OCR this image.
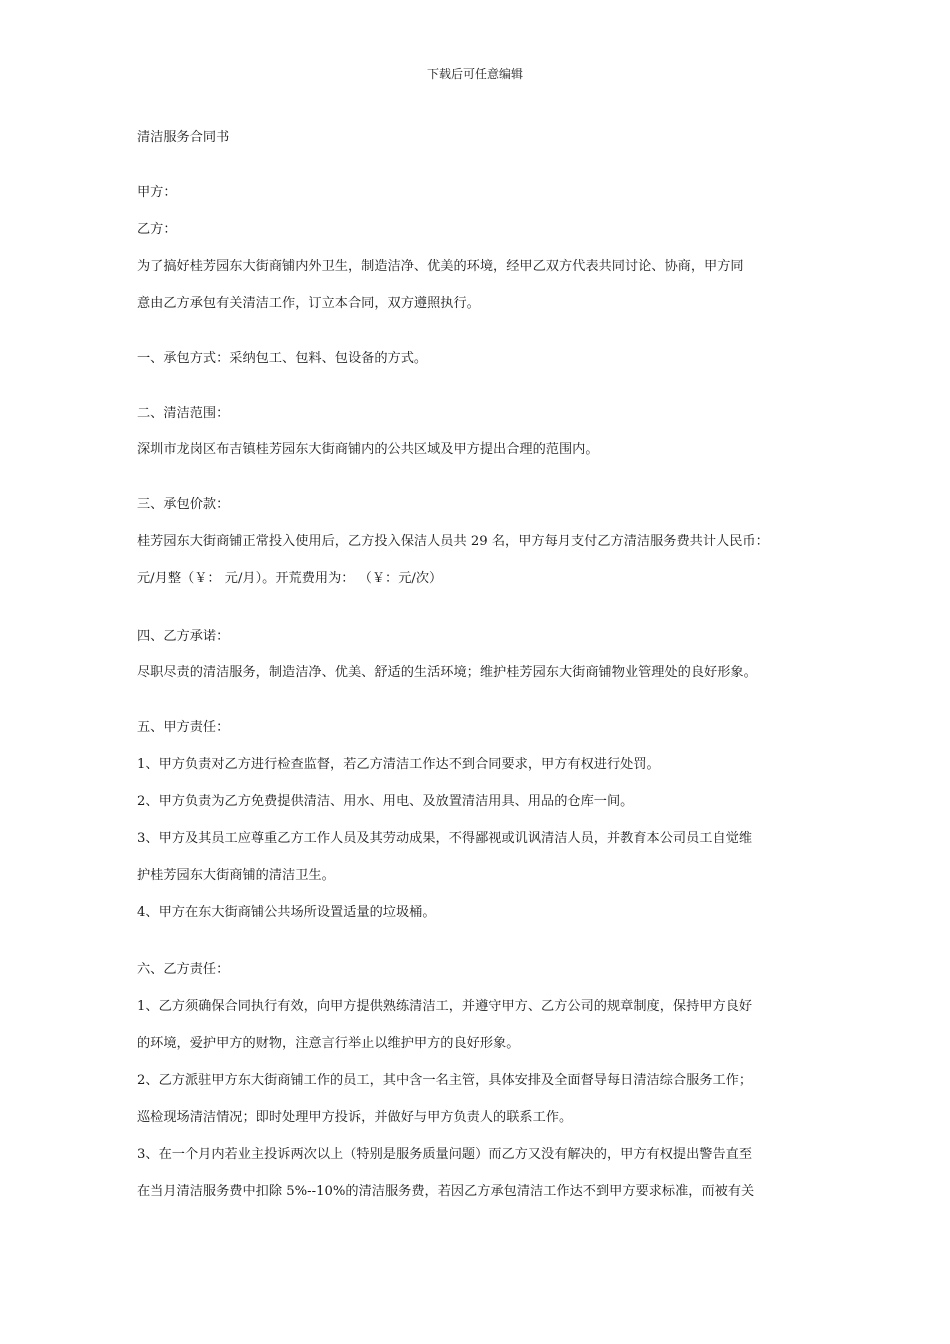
下载后可任意编辑
清洁服务合同书
甲方：
乙方：
为了搞好桂芳园东大街商铺内外卫生，制造洁净、优美的环境，经甲乙双方代表共同讨论、协商，甲方同
意由乙方承包有关清洁工作，订立本合同，双方遵照执行。
一、承包方式：采纳包工、包料、包设备的方式。
二、清洁范围：
深圳市龙岗区布吉镇桂芳园东大街商铺内的公共区域及甲方提出合理的范围内。
三、承包价款：
桂芳园东大街商铺正常投入使用后，乙方投入保洁人员共 29 名，甲方每月支付乙方清洁服务费共计人民币：
元/月整（￥： 元/月）。开荒费用为： （￥：元/次）
四、乙方承诺：
尽职尽责的清洁服务，制造洁净、优美、舒适的生活环境；维护桂芳园东大街商铺物业管理处的良好形象。
五、甲方责任：
1、甲方负责对乙方进行检查监督，若乙方清洁工作达不到合同要求，甲方有权进行处罚。
2、甲方负责为乙方免费提供清洁、用水、用电、及放置清洁用具、用品的仓库一间。
3、甲方及其员工应尊重乙方工作人员及其劳动成果，不得鄙视或讥讽清洁人员，并教育本公司员工自觉维
护桂芳园东大街商铺的清洁卫生。
4、甲方在东大街商铺公共场所设置适量的垃圾桶。
六、乙方责任：
1、乙方须确保合同执行有效，向甲方提供熟练清洁工，并遵守甲方、乙方公司的规章制度，保持甲方良好
的环境，爱护甲方的财物，注意言行举止以维护甲方的良好形象。
2、乙方派驻甲方东大街商铺工作的员工，其中含一名主管，具体安排及全面督导每日清洁综合服务工作；
巡检现场清洁情况；即时处理甲方投诉，并做好与甲方负责人的联系工作。
3、在一个月内若业主投诉两次以上（特别是服务质量问题）而乙方又没有解决的，甲方有权提出警告直至
在当月清洁服务费中扣除 5%--10%的清洁服务费，若因乙方承包清洁工作达不到甲方要求标准，而被有关
